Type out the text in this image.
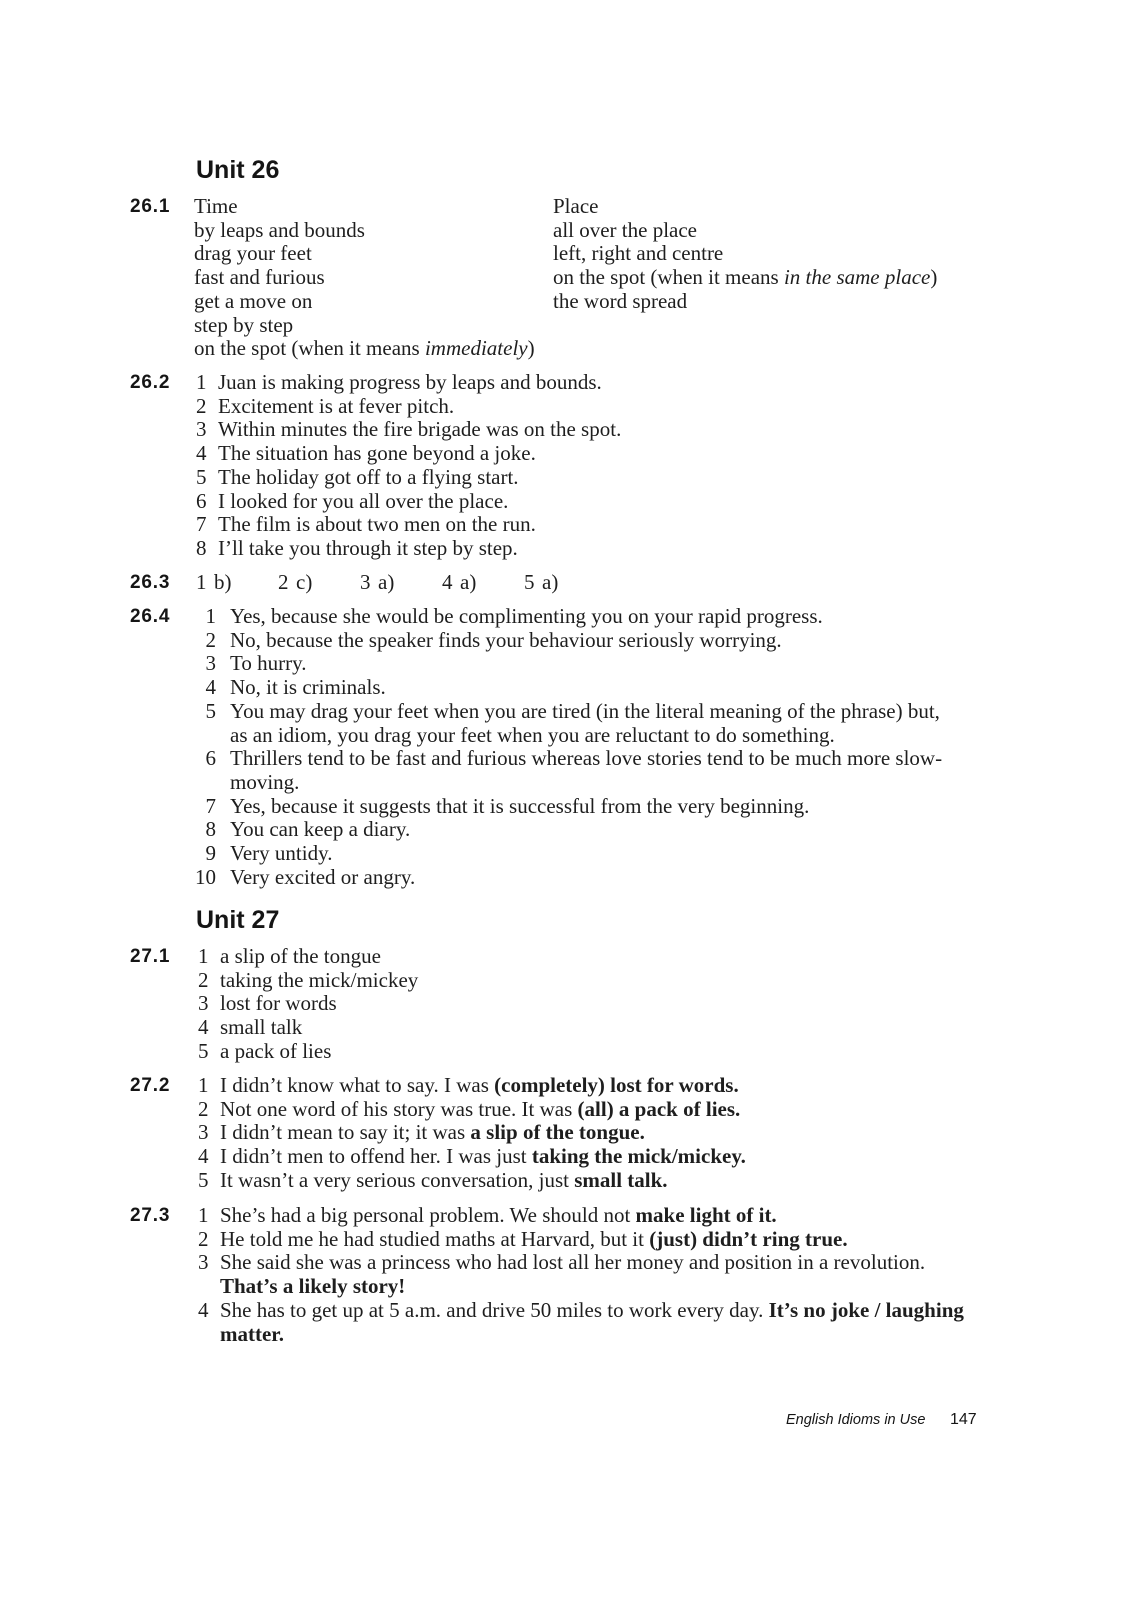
Unit 26
26.1 Time
by leaps and bounds
drag your feet
fast and furious
get a move on
step by step
on the spot (when it means immediately)
Place
all over the place
left, right and centre
on the spot (when it means in the same place)
the word spread
26.2 1 Juan is making progress by leaps and bounds.
2 Excitement is at fever pitch.
3 Within minutes the fire brigade was on the spot.
4 The situation has gone beyond a joke.
5 The holiday got off to a flying start.
6 I looked for you all over the place.
7 The film is about two men on the run.
8 I’ll take you through it step by step.
26.3 1 b) 2 c) 3 a) 4 a) 5 a)
26.4	1 Yes, because she would be complimenting you on your rapid progress.
2 No, because the speaker finds your behaviour seriously worrying.
3 To hurry.
4 No, it is criminals.
5 You may drag your feet when you are tired (in the literal meaning of the phrase) but,
as an idiom, you drag your feet when you are reluctant to do something.
6 Thrillers tend to be fast and furious whereas love stories tend to be much more slow-
moving.
7 Yes, because it suggests that it is successful from the very beginning.
8 You can keep a diary.
9 Very untidy.
10 Very excited or angry.
Unit 27
27.1 1 a slip of the tongue
2 taking the mick/mickey
3 lost for words
4 small talk
5 a pack of lies
27.2 1 I didn’t know what to say. I was (completely) lost for words.
2 Not one word of his story was true. It was (all) a pack of lies.
3 I didn’t mean to say it; it was a slip of the tongue.
4 I didn’t men to offend her. I was just taking the mick/mickey.
5 It wasn’t a very serious conversation, just small talk.
27.3 1 She’s had a big personal problem. We should not make light of it.
2 He told me he had studied maths at Harvard, but it (just) didn’t ring true.
3 She said she was a princess who had lost all her money and position in a revolution.
That’s a likely story!
4 She has to get up at 5 a.m. and drive 50 miles to work every day. It’s no joke / laughing
matter.
English Idioms in Use 147
